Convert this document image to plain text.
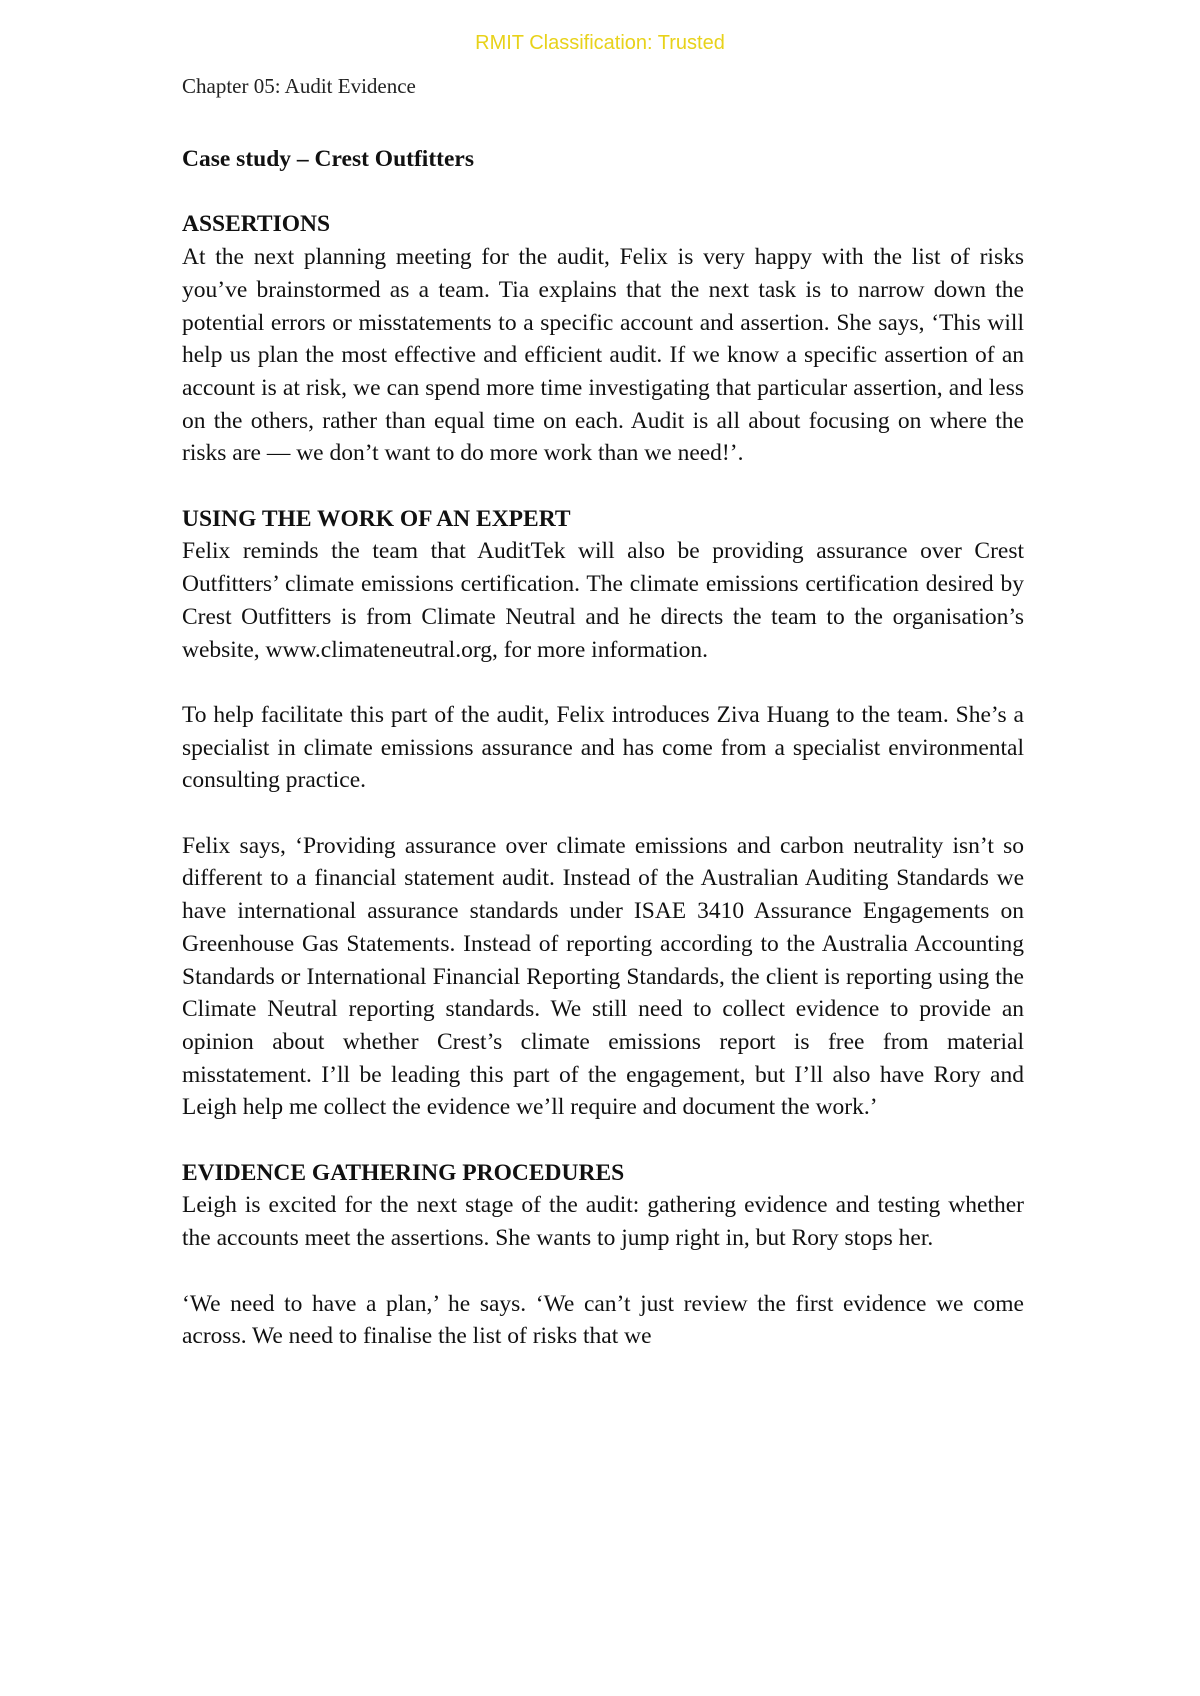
RMIT Classification: Trusted
Chapter 05: Audit Evidence
Case study – Crest Outfitters
ASSERTIONS

At the next planning meeting for the audit, Felix is very happy with the list of risks you’ve brainstormed as a team. Tia explains that the next task is to narrow down the potential errors or misstatements to a specific account and assertion. She says, ‘This will help us plan the most effective and efficient audit. If we know a specific assertion of an account is at risk, we can spend more time investigating that particular assertion, and less on the others, rather than equal time on each. Audit is all about focusing on where the risks are — we don’t want to do more work than we need!’.

USING THE WORK OF AN EXPERT

Felix reminds the team that AuditTek will also be providing assurance over Crest Outfitters’ climate emissions certification. The climate emissions certification desired by Crest Outfitters is from Climate Neutral and he directs the team to the organisation’s website, www.climateneutral.org, for more information.

To help facilitate this part of the audit, Felix introduces Ziva Huang to the team. She’s a specialist in climate emissions assurance and has come from a specialist environmental consulting practice.

Felix says, ‘Providing assurance over climate emissions and carbon neutrality isn’t so different to a financial statement audit. Instead of the Australian Auditing Standards we have international assurance standards under ISAE 3410 Assurance Engagements on Greenhouse Gas Statements. Instead of reporting according to the Australia Accounting Standards or International Financial Reporting Standards, the client is reporting using the Climate Neutral reporting standards. We still need to collect evidence to provide an opinion about whether Crest’s climate emissions report is free from material misstatement. I’ll be leading this part of the engagement, but I’ll also have Rory and Leigh help me collect the evidence we’ll require and document the work.’

EVIDENCE GATHERING PROCEDURES

Leigh is excited for the next stage of the audit: gathering evidence and testing whether the accounts meet the assertions. She wants to jump right in, but Rory stops her.

‘We need to have a plan,’ he says. ‘We can’t just review the first evidence we come across. We need to finalise the list of risks that we
